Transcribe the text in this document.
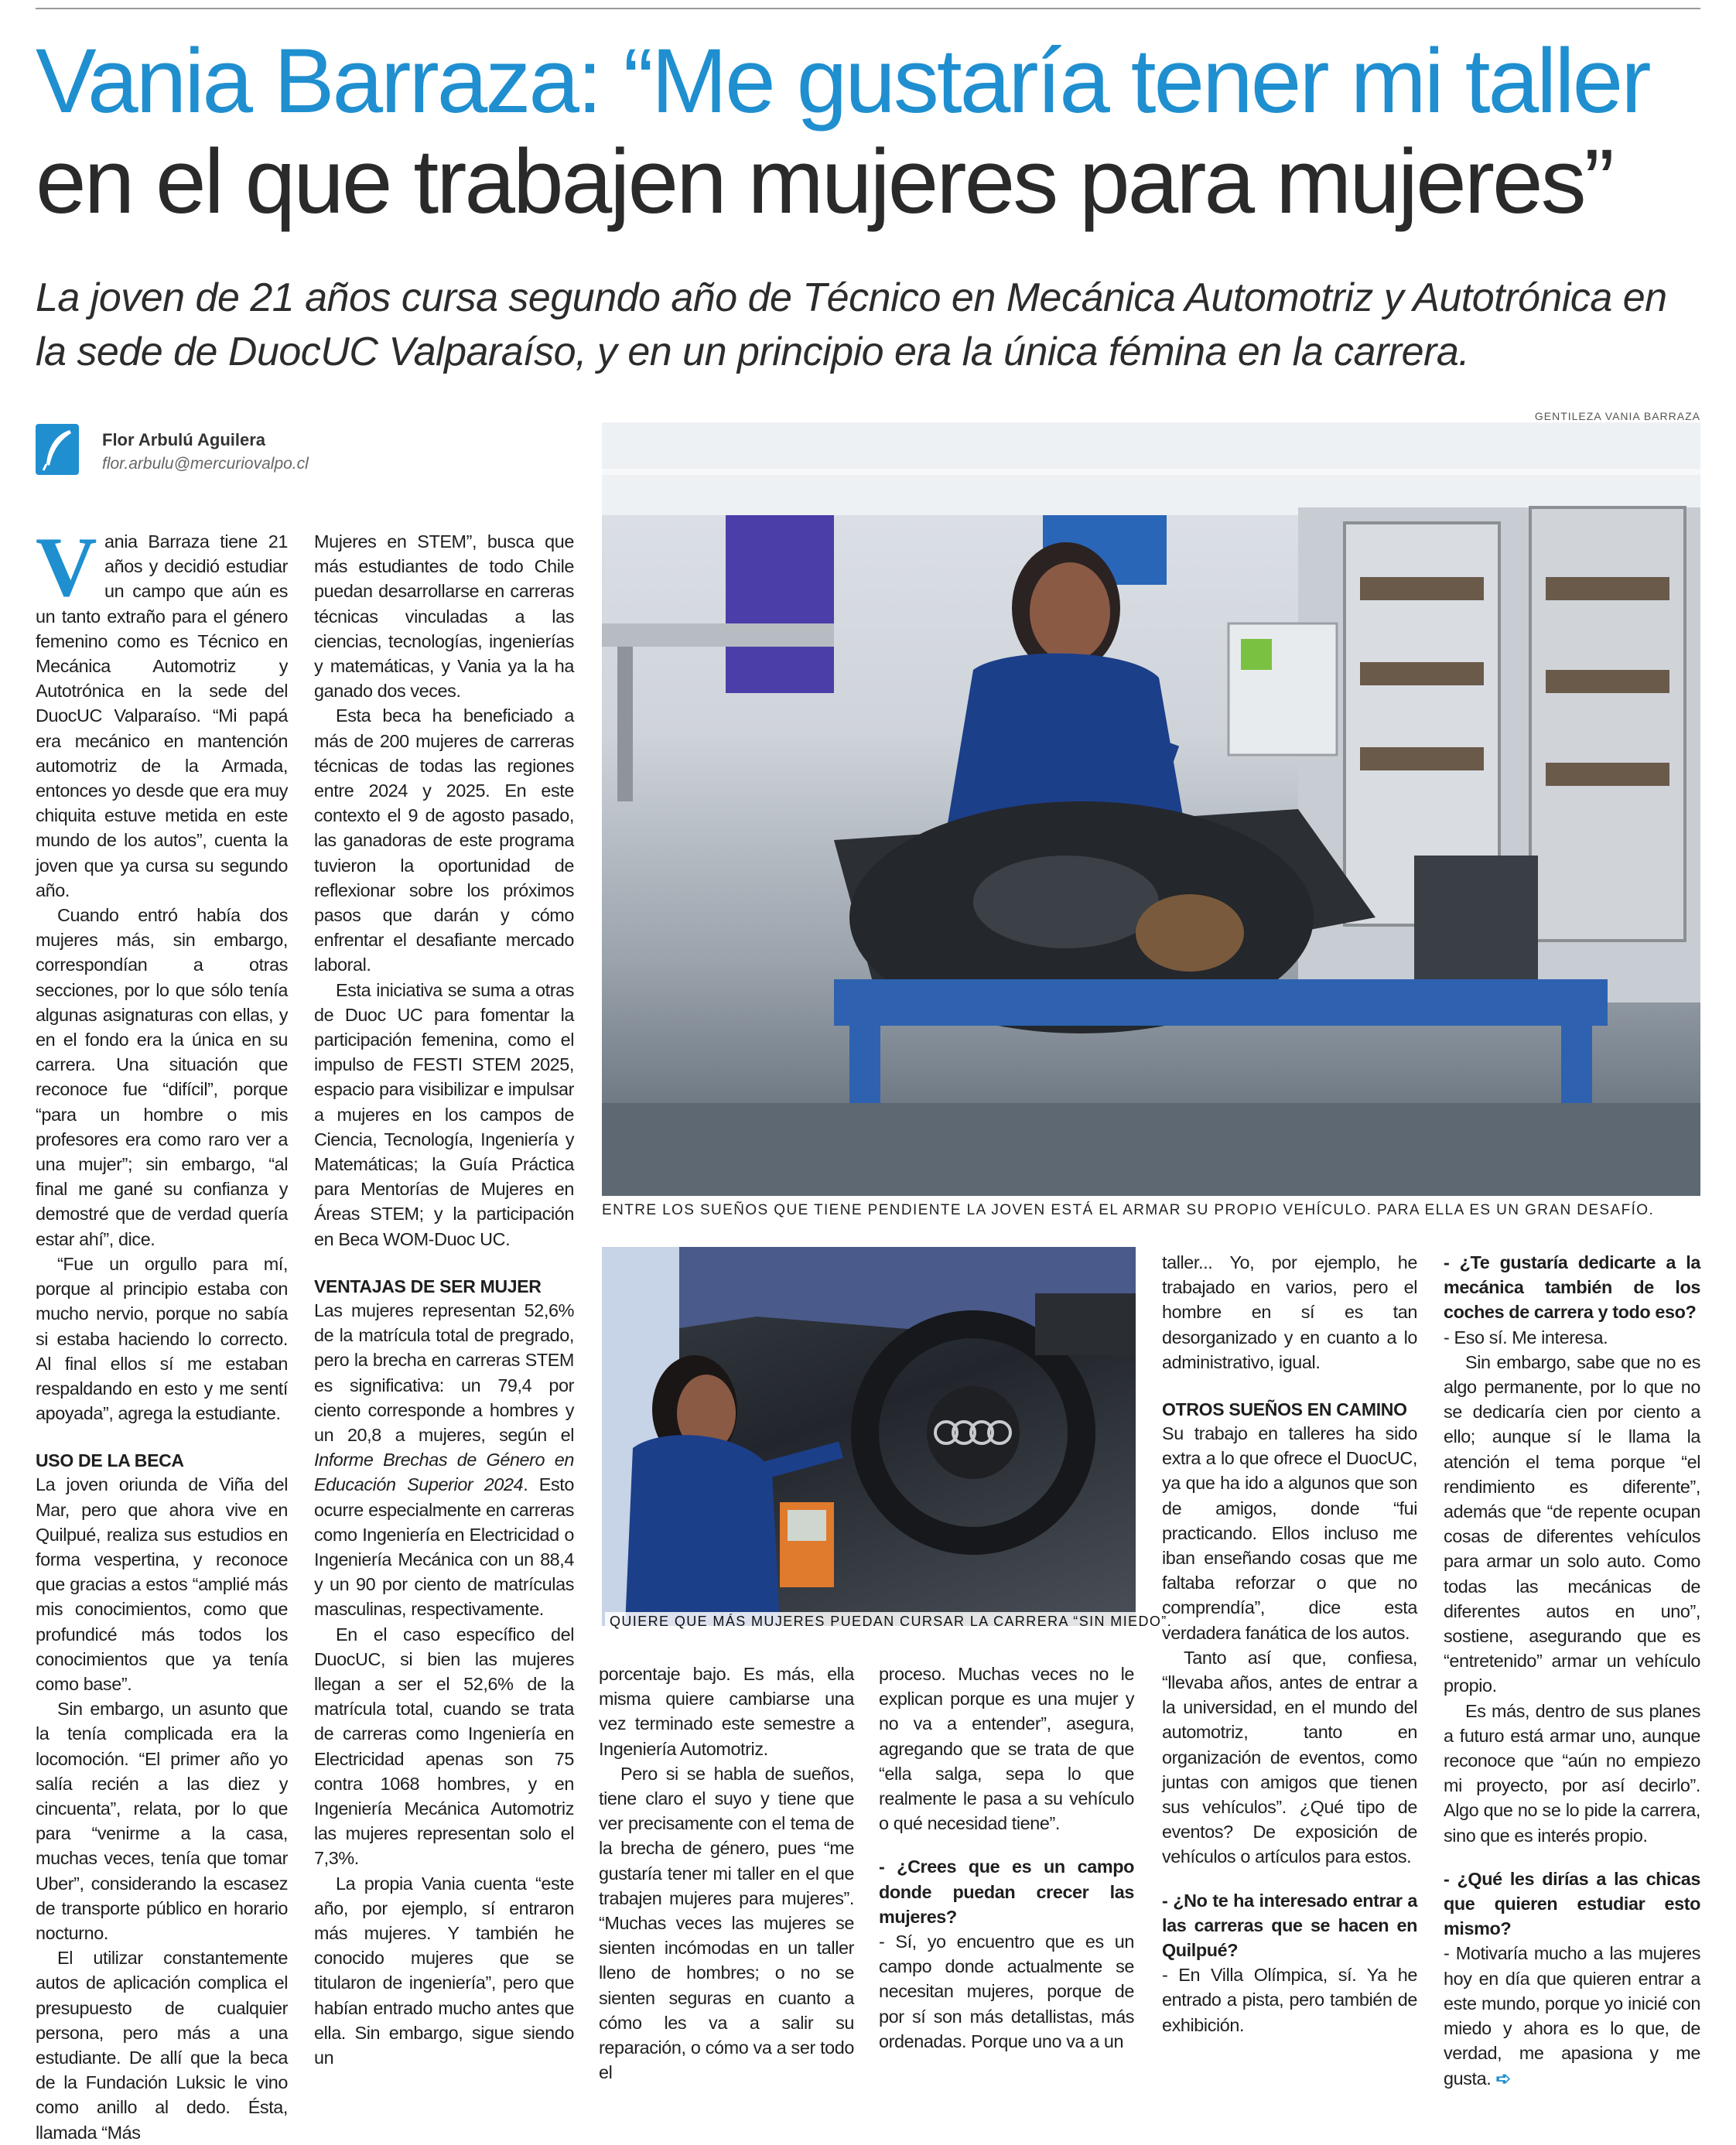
Vania Barraza: “Me gustaría tener mi taller
en el que trabajen mujeres para mujeres”
La joven de 21 años cursa segundo año de Técnico en Mecánica Automotriz y Autotrónica en la sede de DuocUC Valparaíso, y en un principio era la única fémina en la carrera.
Flor Arbulú Aguilera
flor.arbulu@mercuriovalpo.cl
GENTILEZA VANIA BARRAZA
ENTRE LOS SUEÑOS QUE TIENE PENDIENTE LA JOVEN ESTÁ EL ARMAR SU PROPIO VEHÍCULO. PARA ELLA ES UN GRAN DESAFÍO.
QUIERE QUE MÁS MUJERES PUEDAN CURSAR LA CARRERA “SIN MIEDO”.

Vania Barraza tiene 21 años y decidió estudiar un campo que aún es un tanto extraño para el género femenino como es Técnico en Mecánica Automotriz y Autotrónica en la sede del DuocUC Valparaíso. “Mi papá era mecánico en mantención automotriz de la Armada, entonces yo desde que era muy chiquita estuve metida en este mundo de los autos”, cuenta la joven que ya cursa su segundo año.

Cuando entró había dos mujeres más, sin embargo, correspondían a otras secciones, por lo que sólo tenía algunas asignaturas con ellas, y en el fondo era la única en su carrera. Una situación que reconoce fue “difícil”, porque “para un hombre o mis profesores era como raro ver a una mujer”; sin embargo, “al final me gané su confianza y demostré que de verdad quería estar ahí”, dice.

“Fue un orgullo para mí, porque al principio estaba con mucho nervio, porque no sabía si estaba haciendo lo correcto. Al final ellos sí me estaban respaldando en esto y me sentí apoyada”, agrega la estudiante.

USO DE LA BECA

La joven oriunda de Viña del Mar, pero que ahora vive en Quilpué, realiza sus estudios en forma vespertina, y reconoce que gracias a estos “amplié más mis conocimientos, como que profundicé más todos los conocimientos que ya tenía como base”.

Sin embargo, un asunto que la tenía complicada era la locomoción. “El primer año yo salía recién a las diez y cincuenta”, relata, por lo que para “venirme a la casa, muchas veces, tenía que tomar Uber”, considerando la escasez de transporte público en horario nocturno.

El utilizar constantemente autos de aplicación complica el presupuesto de cualquier persona, pero más a una estudiante. De allí que la beca de la Fundación Luksic le vino como anillo al dedo. Ésta, llamada “Más

Mujeres en STEM”, busca que más estudiantes de todo Chile puedan desarrollarse en carreras técnicas vinculadas a las ciencias, tecnologías, ingenierías y matemáticas, y Vania ya la ha ganado dos veces.

Esta beca ha beneficiado a más de 200 mujeres de carreras técnicas de todas las regiones entre 2024 y 2025. En este contexto el 9 de agosto pasado, las ganadoras de este programa tuvieron la oportunidad de reflexionar sobre los próximos pasos que darán y cómo enfrentar el desafiante mercado laboral.

Esta iniciativa se suma a otras de Duoc UC para fomentar la participación femenina, como el impulso de FESTI STEM 2025, espacio para visibilizar e impulsar a mujeres en los campos de Ciencia, Tecnología, Ingeniería y Matemáticas; la Guía Práctica para Mentorías de Mujeres en Áreas STEM; y la participación en Beca WOM-Duoc UC.

VENTAJAS DE SER MUJER

Las mujeres representan 52,6% de la matrícula total de pregrado, pero la brecha en carreras STEM es significativa: un 79,4 por ciento corresponde a hombres y un 20,8 a mujeres, según el Informe Brechas de Género en Educación Superior 2024. Esto ocurre especialmente en carreras como Ingeniería en Electricidad o Ingeniería Mecánica con un 88,4 y un 90 por ciento de matrículas masculinas, respectivamente.

En el caso específico del DuocUC, si bien las mujeres llegan a ser el 52,6% de la matrícula total, cuando se trata de carreras como Ingeniería en Electricidad apenas son 75 contra 1068 hombres, y en Ingeniería Mecánica Automotriz las mujeres representan solo el 7,3%.

La propia Vania cuenta “este año, por ejemplo, sí entraron más mujeres. Y también he conocido mujeres que se titularon de ingeniería”, pero que habían entrado mucho antes que ella. Sin embargo, sigue siendo un

porcentaje bajo. Es más, ella misma quiere cambiarse una vez terminado este semestre a Ingeniería Automotriz.

Pero si se habla de sueños, tiene claro el suyo y tiene que ver precisamente con el tema de la brecha de género, pues “me gustaría tener mi taller en el que trabajen mujeres para mujeres”. “Muchas veces las mujeres se sienten incómodas en un taller lleno de hombres; o no se sienten seguras en cuanto a cómo les va a salir su reparación, o cómo va a ser todo el

proceso. Muchas veces no le explican porque es una mujer y no va a entender”, asegura, agregando que se trata de que “ella salga, sepa lo que realmente le pasa a su vehículo o qué necesidad tiene”.

- ¿Crees que es un campo donde puedan crecer las mujeres?

- Sí, yo encuentro que es un campo donde actualmente se necesitan mujeres, porque de por sí son más detallistas, más ordenadas. Porque uno va a un

taller... Yo, por ejemplo, he trabajado en varios, pero el hombre en sí es tan desorganizado y en cuanto a lo administrativo, igual.

OTROS SUEÑOS EN CAMINO

Su trabajo en talleres ha sido extra a lo que ofrece el DuocUC, ya que ha ido a algunos que son de amigos, donde “fui practicando. Ellos incluso me iban enseñando cosas que me faltaba reforzar o que no comprendía”, dice esta verdadera fanática de los autos.

Tanto así que, confiesa, “llevaba años, antes de entrar a la universidad, en el mundo del automotriz, tanto en organización de eventos, como juntas con amigos que tienen sus vehículos”. ¿Qué tipo de eventos? De exposición de vehículos o artículos para estos.

- ¿No te ha interesado entrar a las carreras que se hacen en Quilpué?

- En Villa Olímpica, sí. Ya he entrado a pista, pero también de exhibición.

- ¿Te gustaría dedicarte a la mecánica también de los coches de carrera y todo eso?

- Eso sí. Me interesa.

Sin embargo, sabe que no es algo permanente, por lo que no se dedicaría cien por ciento a ello; aunque sí le llama la atención el tema porque “el rendimiento es diferente”, además que “de repente ocupan cosas de diferentes vehículos para armar un solo auto. Como todas las mecánicas de diferentes autos en uno”, sostiene, asegurando que es “entretenido” armar un vehículo propio.

Es más, dentro de sus planes a futuro está armar uno, aunque reconoce que “aún no empiezo mi proyecto, por así decirlo”. Algo que no se lo pide la carrera, sino que es interés propio.

- ¿Qué les dirías a las chicas que quieren estudiar esto mismo?

- Motivaría mucho a las mujeres hoy en día que quieren entrar a este mundo, porque yo inicié con miedo y ahora es lo que, de verdad, me apasiona y me gusta. ➪
